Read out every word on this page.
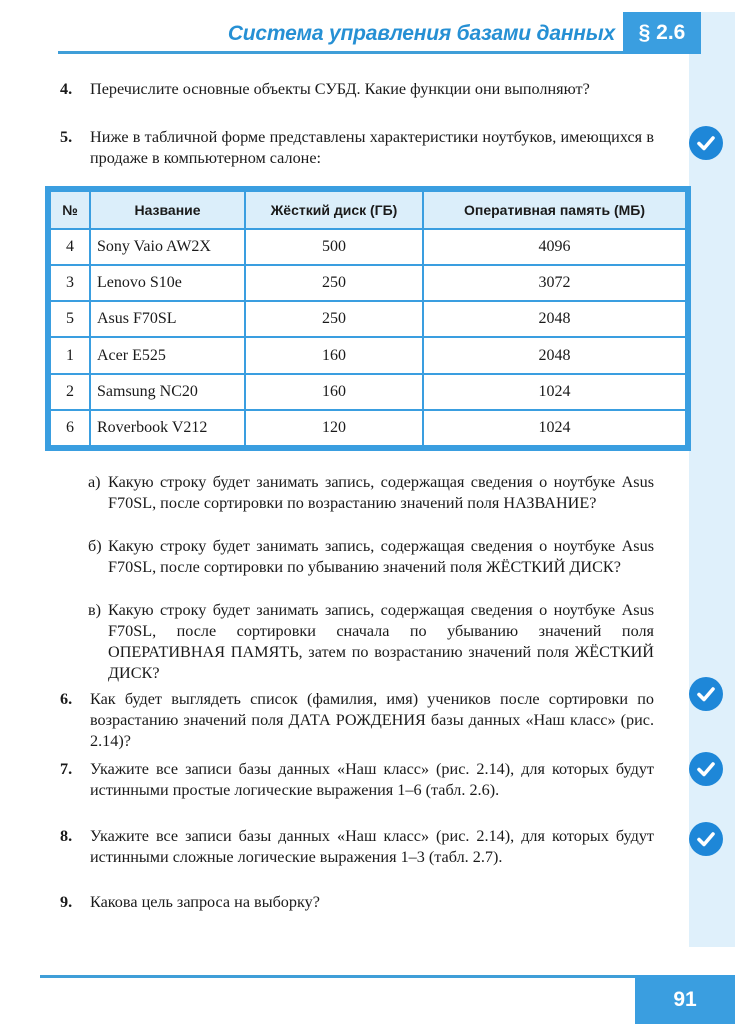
Система управления базами данных	§ 2.6
4. Перечислите основные объекты СУБД. Какие функции они выполняют?
5. Ниже в табличной форме представлены характеристики ноутбуков, имеющихся в продаже в компьютерном салоне:
№	Название	Жёсткий диск (ГБ)	Оперативная память (МБ)
4	Sony Vaio AW2X	500	4096
3	Lenovo S10e	250	3072
5	Asus F70SL	250	2048
1	Acer E525	160	2048
2	Samsung NC20	160	1024
6	Roverbook V212	120	1024
а) Какую строку будет занимать запись, содержащая сведения о ноутбуке Asus F70SL, после сортировки по возрастанию значений поля НАЗВАНИЕ?
б) Какую строку будет занимать запись, содержащая сведения о ноутбуке Asus F70SL, после сортировки по убыванию значений поля ЖЁСТКИЙ ДИСК?
в) Какую строку будет занимать запись, содержащая сведения о ноутбуке Asus F70SL, после сортировки сначала по убыванию значений поля ОПЕРАТИВНАЯ ПАМЯТЬ, затем по возрастанию значений поля ЖЁСТКИЙ ДИСК?
6. Как будет выглядеть список (фамилия, имя) учеников после сортировки по возрастанию значений поля ДАТА РОЖДЕНИЯ базы данных «Наш класс» (рис. 2.14)?
7. Укажите все записи базы данных «Наш класс» (рис. 2.14), для которых будут истинными простые логические выражения 1–6 (табл. 2.6).
8. Укажите все записи базы данных «Наш класс» (рис. 2.14), для которых будут истинными сложные логические выражения 1–3 (табл. 2.7).
9. Какова цель запроса на выборку?
91
